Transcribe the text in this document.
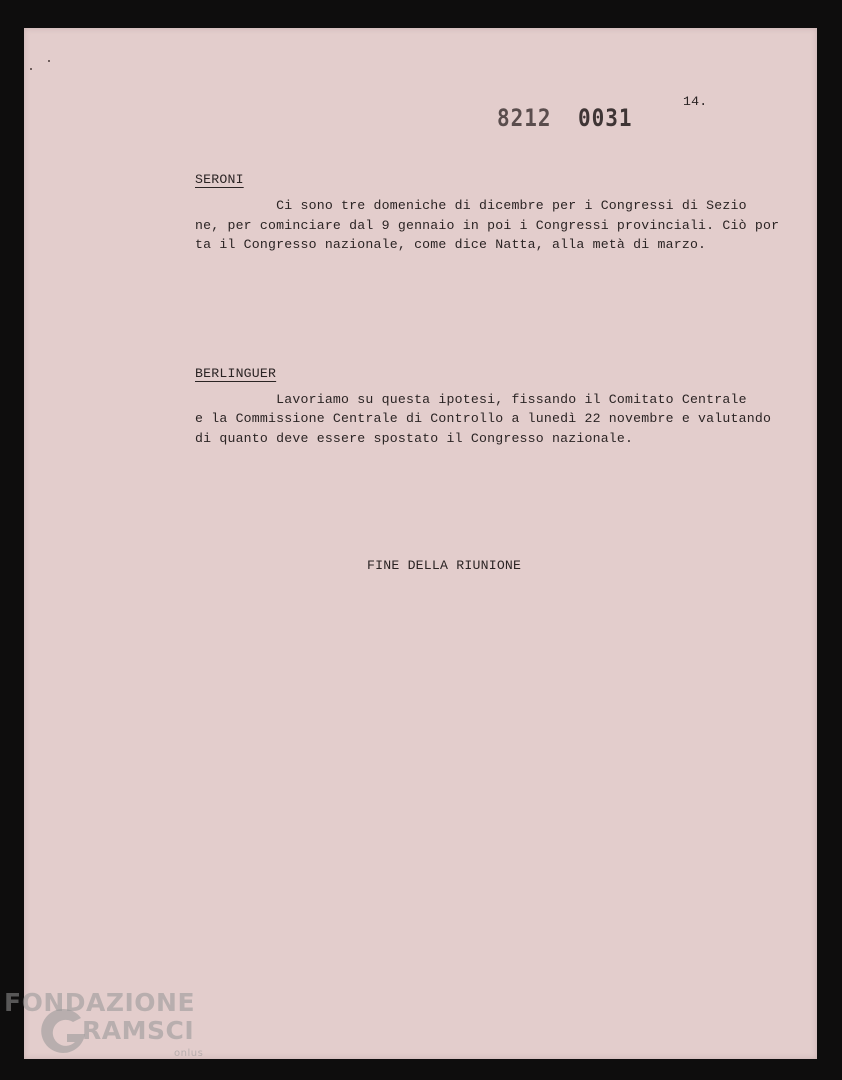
14.
8212 0031
SERONI
Ci sono tre domeniche di dicembre per i Congressi di Sezio
ne, per cominciare dal 9 gennaio in poi i Congressi provinciali. Ciò por
ta il Congresso nazionale, come dice Natta, alla metà di marzo.
BERLINGUER
Lavoriamo su questa ipotesi, fissando il Comitato Centrale
e la Commissione Centrale di Controllo a lunedì 22 novembre e valutando
di quanto deve essere spostato il Congresso nazionale.
FINE DELLA RIUNIONE
FONDAZIONE
RAMSCI
onlus
